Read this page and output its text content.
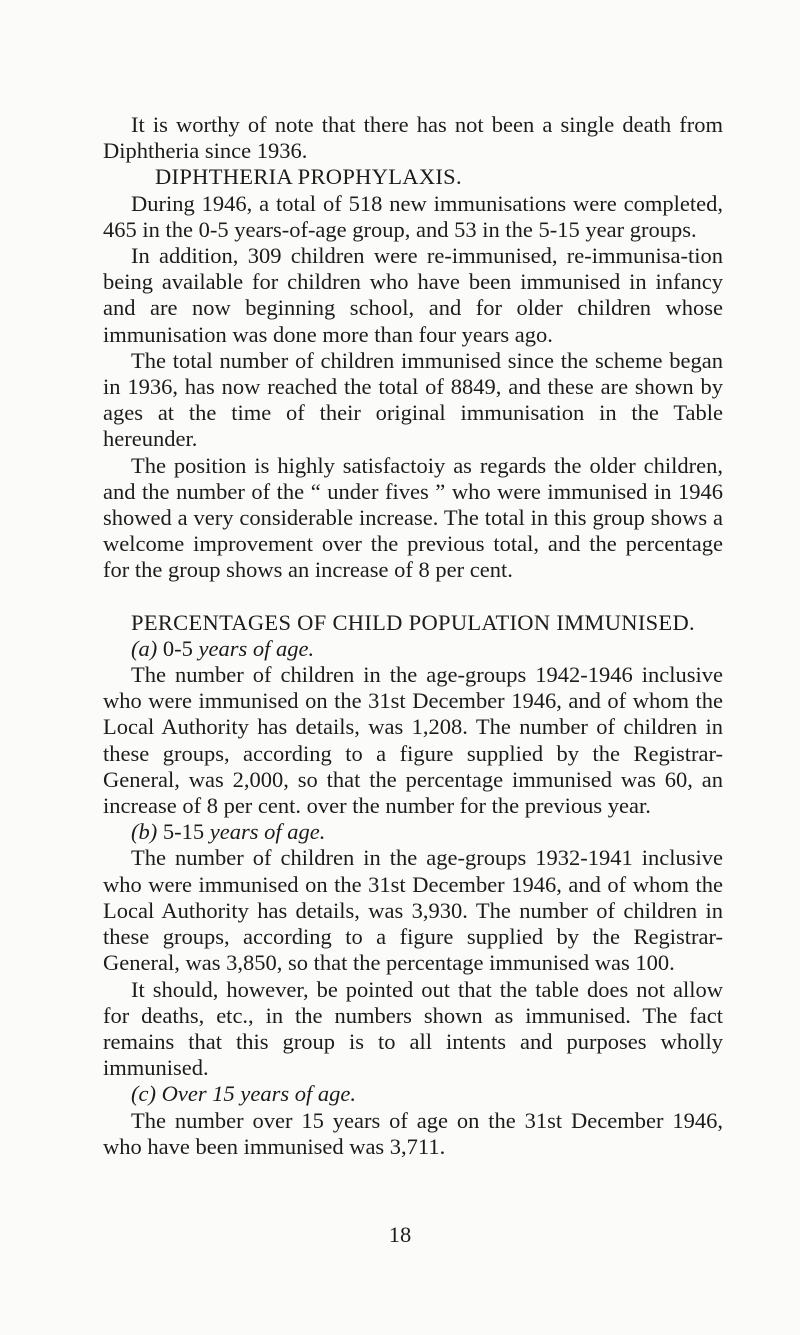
It is worthy of note that there has not been a single death from Diphtheria since 1936.

DIPHTHERIA PROPHYLAXIS.

During 1946, a total of 518 new immunisations were completed, 465 in the 0-5 years-of-age group, and 53 in the 5-15 year groups.

In addition, 309 children were re-immunised, re-immunisa-tion being available for children who have been immunised in infancy and are now beginning school, and for older children whose immunisation was done more than four years ago.

The total number of children immunised since the scheme began in 1936, has now reached the total of 8849, and these are shown by ages at the time of their original immunisation in the Table hereunder.

The position is highly satisfactoiy as regards the older children, and the number of the “ under fives ” who were immunised in 1946 showed a very considerable increase. The total in this group shows a welcome improvement over the previous total, and the percentage for the group shows an increase of 8 per cent.

PERCENTAGES OF CHILD POPULATION IMMUNISED.

(a) 0-5 years of age.

The number of children in the age-groups 1942-1946 inclusive who were immunised on the 31st December 1946, and of whom the Local Authority has details, was 1,208. The number of children in these groups, according to a figure supplied by the Registrar-General, was 2,000, so that the percentage immunised was 60, an increase of 8 per cent. over the number for the previous year.

(b) 5-15 years of age.

The number of children in the age-groups 1932-1941 inclusive who were immunised on the 31st December 1946, and of whom the Local Authority has details, was 3,930. The number of children in these groups, according to a figure supplied by the Registrar-General, was 3,850, so that the percentage immunised was 100.

It should, however, be pointed out that the table does not allow for deaths, etc., in the numbers shown as immunised. The fact remains that this group is to all intents and purposes wholly immunised.

(c) Over 15 years of age.

The number over 15 years of age on the 31st December 1946, who have been immunised was 3,711.

18
